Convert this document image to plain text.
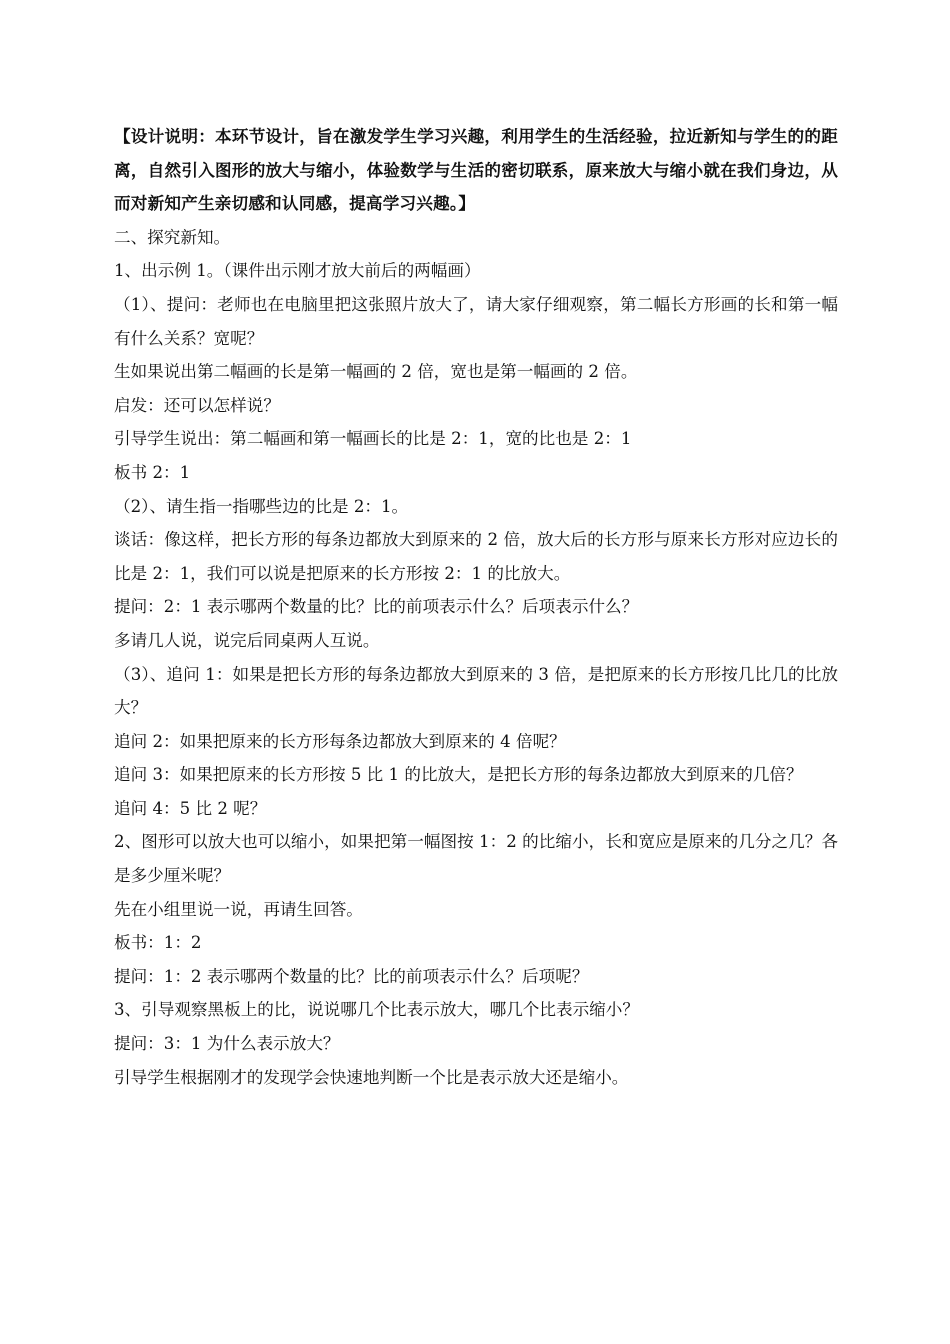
【设计说明：本环节设计，旨在激发学生学习兴趣，利用学生的生活经验，拉近新知与学生的的距离，自然引入图形的放大与缩小，体验数学与生活的密切联系，原来放大与缩小就在我们身边，从而对新知产生亲切感和认同感，提高学习兴趣。】

二、探究新知。

1、出示例 1。（课件出示刚才放大前后的两幅画）

（1）、提问：老师也在电脑里把这张照片放大了，请大家仔细观察，第二幅长方形画的长和第一幅有什么关系？宽呢？

生如果说出第二幅画的长是第一幅画的 2 倍，宽也是第一幅画的 2 倍。

启发：还可以怎样说？

引导学生说出：第二幅画和第一幅画长的比是 2：1，宽的比也是 2：1

板书 2：1

（2）、请生指一指哪些边的比是 2：1。

谈话：像这样，把长方形的每条边都放大到原来的 2 倍，放大后的长方形与原来长方形对应边长的比是 2：1，我们可以说是把原来的长方形按 2：1 的比放大。

提问：2：1 表示哪两个数量的比？比的前项表示什么？后项表示什么？

多请几人说，说完后同桌两人互说。

（3）、追问 1：如果是把长方形的每条边都放大到原来的 3 倍，是把原来的长方形按几比几的比放大？

追问 2：如果把原来的长方形每条边都放大到原来的 4 倍呢？

追问 3：如果把原来的长方形按 5 比 1 的比放大，是把长方形的每条边都放大到原来的几倍？

追问 4：5 比 2 呢？

2、图形可以放大也可以缩小，如果把第一幅图按 1：2 的比缩小，长和宽应是原来的几分之几？各是多少厘米呢？

先在小组里说一说，再请生回答。

板书：1：2

提问：1：2 表示哪两个数量的比？比的前项表示什么？后项呢？

3、引导观察黑板上的比，说说哪几个比表示放大，哪几个比表示缩小？

提问：3：1 为什么表示放大？

引导学生根据刚才的发现学会快速地判断一个比是表示放大还是缩小。
